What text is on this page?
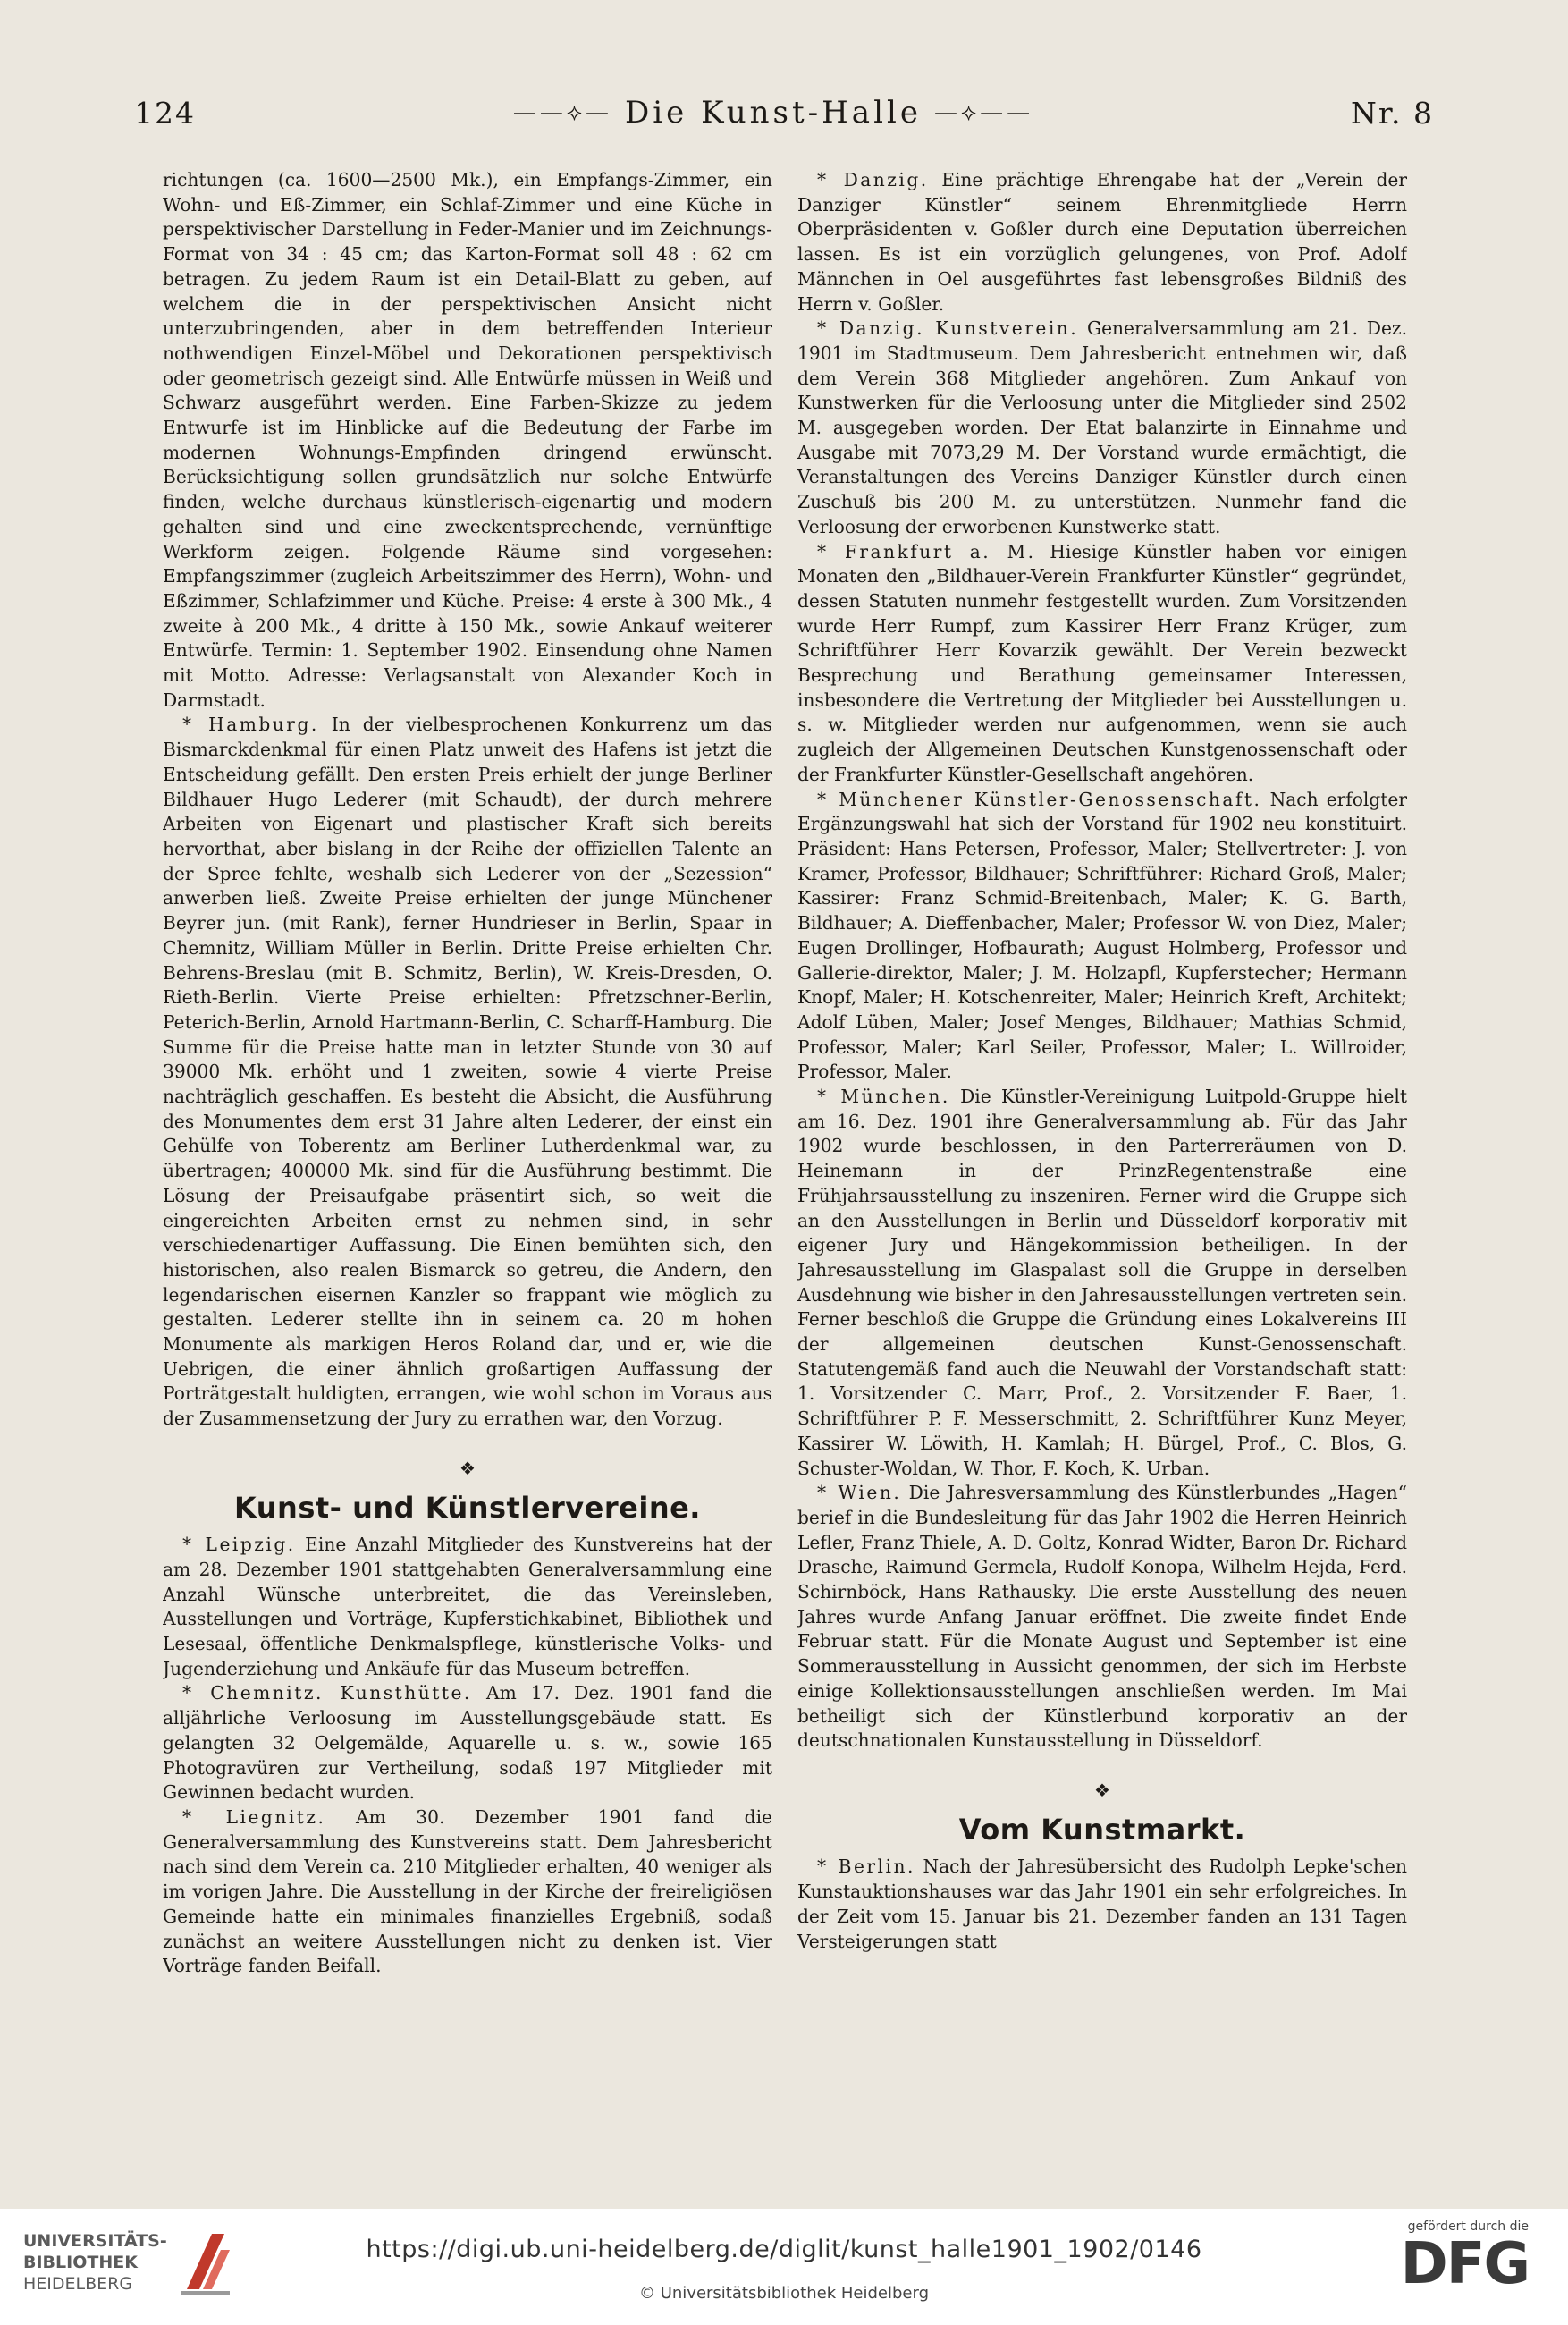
124	——⟡— Die Kunst-Halle —⟡——	Nr. 8

richtungen (ca. 1600—2500 Mk.), ein Empfangs-Zimmer, ein Wohn- und Eß-Zimmer, ein Schlaf-Zimmer und eine Küche in perspektivischer Darstellung in Feder-Manier und im Zeichnungs-Format von 34 : 45 cm; das Karton-Format soll 48 : 62 cm betragen. Zu jedem Raum ist ein Detail-Blatt zu geben, auf welchem die in der perspektivischen Ansicht nicht unterzubringenden, aber in dem betreffenden Interieur nothwendigen Einzel-Möbel und Dekorationen perspektivisch oder geometrisch gezeigt sind. Alle Entwürfe müssen in Weiß und Schwarz ausgeführt werden. Eine Farben-Skizze zu jedem Entwurfe ist im Hinblicke auf die Bedeutung der Farbe im modernen Wohnungs-Empfinden dringend erwünscht. Berücksichtigung sollen grundsätzlich nur solche Entwürfe finden, welche durchaus künstlerisch-eigenartig und modern gehalten sind und eine zweckentsprechende, vernünftige Werkform zeigen. Folgende Räume sind vorgesehen: Empfangszimmer (zugleich Arbeitszimmer des Herrn), Wohn- und Eßzimmer, Schlafzimmer und Küche. Preise: 4 erste à 300 Mk., 4 zweite à 200 Mk., 4 dritte à 150 Mk., sowie Ankauf weiterer Entwürfe. Termin: 1. September 1902. Einsendung ohne Namen mit Motto. Adresse: Verlagsanstalt von Alexander Koch in Darmstadt.

* Hamburg. In der vielbesprochenen Konkurrenz um das Bismarckdenkmal für einen Platz unweit des Hafens ist jetzt die Entscheidung gefällt. Den ersten Preis erhielt der junge Berliner Bildhauer Hugo Lederer (mit Schaudt), der durch mehrere Arbeiten von Eigenart und plastischer Kraft sich bereits hervorthat, aber bislang in der Reihe der offiziellen Talente an der Spree fehlte, weshalb sich Lederer von der „Sezession“ anwerben ließ. Zweite Preise erhielten der junge Münchener Beyrer jun. (mit Rank), ferner Hundrieser in Berlin, Spaar in Chemnitz, William Müller in Berlin. Dritte Preise erhielten Chr. Behrens-Breslau (mit B. Schmitz, Berlin), W. Kreis-Dresden, O. Rieth-Berlin. Vierte Preise erhielten: Pfretzschner-Berlin, Peterich-Berlin, Arnold Hartmann-Berlin, C. Scharff-Hamburg. Die Summe für die Preise hatte man in letzter Stunde von 30 auf 39000 Mk. erhöht und 1 zweiten, sowie 4 vierte Preise nachträglich geschaffen. Es besteht die Absicht, die Ausführung des Monumentes dem erst 31 Jahre alten Lederer, der einst ein Gehülfe von Toberentz am Berliner Lutherdenkmal war, zu übertragen; 400000 Mk. sind für die Ausführung bestimmt. Die Lösung der Preisaufgabe präsentirt sich, so weit die eingereichten Arbeiten ernst zu nehmen sind, in sehr verschiedenartiger Auffassung. Die Einen bemühten sich, den historischen, also realen Bismarck so getreu, die Andern, den legendarischen eisernen Kanzler so frappant wie möglich zu gestalten. Lederer stellte ihn in seinem ca. 20 m hohen Monumente als markigen Heros Roland dar, und er, wie die Uebrigen, die einer ähnlich großartigen Auffassung der Porträtgestalt huldigten, errangen, wie wohl schon im Voraus aus der Zusammensetzung der Jury zu errathen war, den Vorzug.

❖
Kunst- und Künstlervereine.

* Leipzig. Eine Anzahl Mitglieder des Kunstvereins hat der am 28. Dezember 1901 stattgehabten Generalversammlung eine Anzahl Wünsche unterbreitet, die das Vereinsleben, Ausstellungen und Vorträge, Kupferstichkabinet, Bibliothek und Lesesaal, öffentliche Denkmalspflege, künstlerische Volks- und Jugenderziehung und Ankäufe für das Museum betreffen.

* Chemnitz. Kunsthütte. Am 17. Dez. 1901 fand die alljährliche Verloosung im Ausstellungsgebäude statt. Es gelangten 32 Oelgemälde, Aquarelle u. s. w., sowie 165 Photogravüren zur Vertheilung, sodaß 197 Mitglieder mit Gewinnen bedacht wurden.

* Liegnitz. Am 30. Dezember 1901 fand die Generalversammlung des Kunstvereins statt. Dem Jahresbericht nach sind dem Verein ca. 210 Mitglieder erhalten, 40 weniger als im vorigen Jahre. Die Ausstellung in der Kirche der freireligiösen Gemeinde hatte ein minimales finanzielles Ergebniß, sodaß zunächst an weitere Ausstellungen nicht zu denken ist. Vier Vorträge fanden Beifall.

* Danzig. Eine prächtige Ehrengabe hat der „Verein der Danziger Künstler“ seinem Ehrenmitgliede Herrn Oberpräsidenten v. Goßler durch eine Deputation überreichen lassen. Es ist ein vorzüglich gelungenes, von Prof. Adolf Männchen in Oel ausgeführtes fast lebensgroßes Bildniß des Herrn v. Goßler.

* Danzig. Kunstverein. Generalversammlung am 21. Dez. 1901 im Stadtmuseum. Dem Jahresbericht entnehmen wir, daß dem Verein 368 Mitglieder angehören. Zum Ankauf von Kunstwerken für die Verloosung unter die Mitglieder sind 2502 M. ausgegeben worden. Der Etat balanzirte in Einnahme und Ausgabe mit 7073,29 M. Der Vorstand wurde ermächtigt, die Veranstaltungen des Vereins Danziger Künstler durch einen Zuschuß bis 200 M. zu unterstützen. Nunmehr fand die Verloosung der erworbenen Kunstwerke statt.

* Frankfurt a. M. Hiesige Künstler haben vor einigen Monaten den „Bildhauer-Verein Frankfurter Künstler“ gegründet, dessen Statuten nunmehr festgestellt wurden. Zum Vorsitzenden wurde Herr Rumpf, zum Kassirer Herr Franz Krüger, zum Schriftführer Herr Kovarzik gewählt. Der Verein bezweckt Besprechung und Berathung gemeinsamer Interessen, insbesondere die Vertretung der Mitglieder bei Ausstellungen u. s. w. Mitglieder werden nur aufgenommen, wenn sie auch zugleich der Allgemeinen Deutschen Kunstgenossenschaft oder der Frankfurter Künstler-Gesellschaft angehören.

* Münchener Künstler-Genossenschaft. Nach erfolgter Ergänzungswahl hat sich der Vorstand für 1902 neu konstituirt. Präsident: Hans Petersen, Professor, Maler; Stellvertreter: J. von Kramer, Professor, Bildhauer; Schriftführer: Richard Groß, Maler; Kassirer: Franz Schmid-Breitenbach, Maler; K. G. Barth, Bildhauer; A. Dieffenbacher, Maler; Professor W. von Diez, Maler; Eugen Drollinger, Hofbaurath; August Holmberg, Professor und Gallerie-direktor, Maler; J. M. Holzapfl, Kupferstecher; Hermann Knopf, Maler; H. Kotschenreiter, Maler; Heinrich Kreft, Architekt; Adolf Lüben, Maler; Josef Menges, Bildhauer; Mathias Schmid, Professor, Maler; Karl Seiler, Professor, Maler; L. Willroider, Professor, Maler.

* München. Die Künstler-Vereinigung Luitpold-Gruppe hielt am 16. Dez. 1901 ihre Generalversammlung ab. Für das Jahr 1902 wurde beschlossen, in den Parterreräumen von D. Heinemann in der PrinzRegentenstraße eine Frühjahrsausstellung zu inszeniren. Ferner wird die Gruppe sich an den Ausstellungen in Berlin und Düsseldorf korporativ mit eigener Jury und Hängekommission betheiligen. In der Jahresausstellung im Glaspalast soll die Gruppe in derselben Ausdehnung wie bisher in den Jahresausstellungen vertreten sein. Ferner beschloß die Gruppe die Gründung eines Lokalvereins III der allgemeinen deutschen Kunst-Genossenschaft. Statutengemäß fand auch die Neuwahl der Vorstandschaft statt: 1. Vorsitzender C. Marr, Prof., 2. Vorsitzender F. Baer, 1. Schriftführer P. F. Messerschmitt, 2. Schriftführer Kunz Meyer, Kassirer W. Löwith, H. Kamlah; H. Bürgel, Prof., C. Blos, G. Schuster-Woldan, W. Thor, F. Koch, K. Urban.

* Wien. Die Jahresversammlung des Künstlerbundes „Hagen“ berief in die Bundesleitung für das Jahr 1902 die Herren Heinrich Lefler, Franz Thiele, A. D. Goltz, Konrad Widter, Baron Dr. Richard Drasche, Raimund Germela, Rudolf Konopa, Wilhelm Hejda, Ferd. Schirnböck, Hans Rathausky. Die erste Ausstellung des neuen Jahres wurde Anfang Januar eröffnet. Die zweite findet Ende Februar statt. Für die Monate August und September ist eine Sommerausstellung in Aussicht genommen, der sich im Herbste einige Kollektionsausstellungen anschließen werden. Im Mai betheiligt sich der Künstlerbund korporativ an der deutschnationalen Kunstausstellung in Düsseldorf.

❖
Vom Kunstmarkt.

* Berlin. Nach der Jahresübersicht des Rudolph Lepke'schen Kunstauktionshauses war das Jahr 1901 ein sehr erfolgreiches. In der Zeit vom 15. Januar bis 21. Dezember fanden an 131 Tagen Versteigerungen statt

UNIVERSITÄTS-
BIBLIOTHEK
HEIDELBERG
https://digi.ub.uni-heidelberg.de/diglit/kunst_halle1901_1902/0146
© Universitätsbibliothek Heidelberg
gefördert durch die
DFG
